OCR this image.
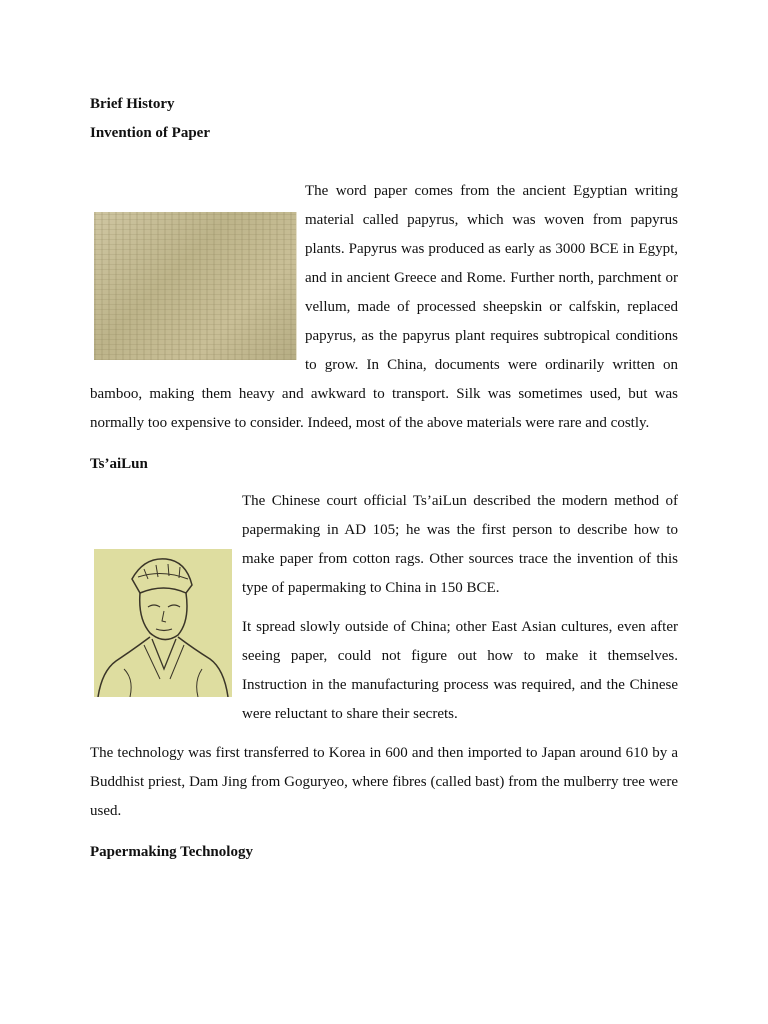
Brief History

Invention of Paper

The word paper comes from the ancient Egyptian writing material called papyrus, which was woven from papyrus plants. Papyrus was produced as early as 3000 BCE in Egypt, and in ancient Greece and Rome. Further north, parchment or vellum, made of processed sheepskin or calfskin, replaced papyrus, as the papyrus plant requires subtropical conditions to grow. In China, documents were ordinarily written on bamboo, making them heavy and awkward to transport. Silk was sometimes used, but was normally too expensive to consider. Indeed, most of the above materials were rare and costly.

Ts’aiLun

The Chinese court official Ts’aiLun described the modern method of papermaking in AD 105; he was the first person to describe how to make paper from cotton rags. Other sources trace the invention of this type of papermaking to China in 150 BCE.

It spread slowly outside of China; other East Asian cultures, even after seeing paper, could not figure out how to make it themselves. Instruction in the manufacturing process was required, and the Chinese were reluctant to share their secrets.

The technology was first transferred to Korea in 600 and then imported to Japan around 610 by a Buddhist priest, Dam Jing from Goguryeo, where fibres (called bast) from the mulberry tree were used.

Papermaking Technology
